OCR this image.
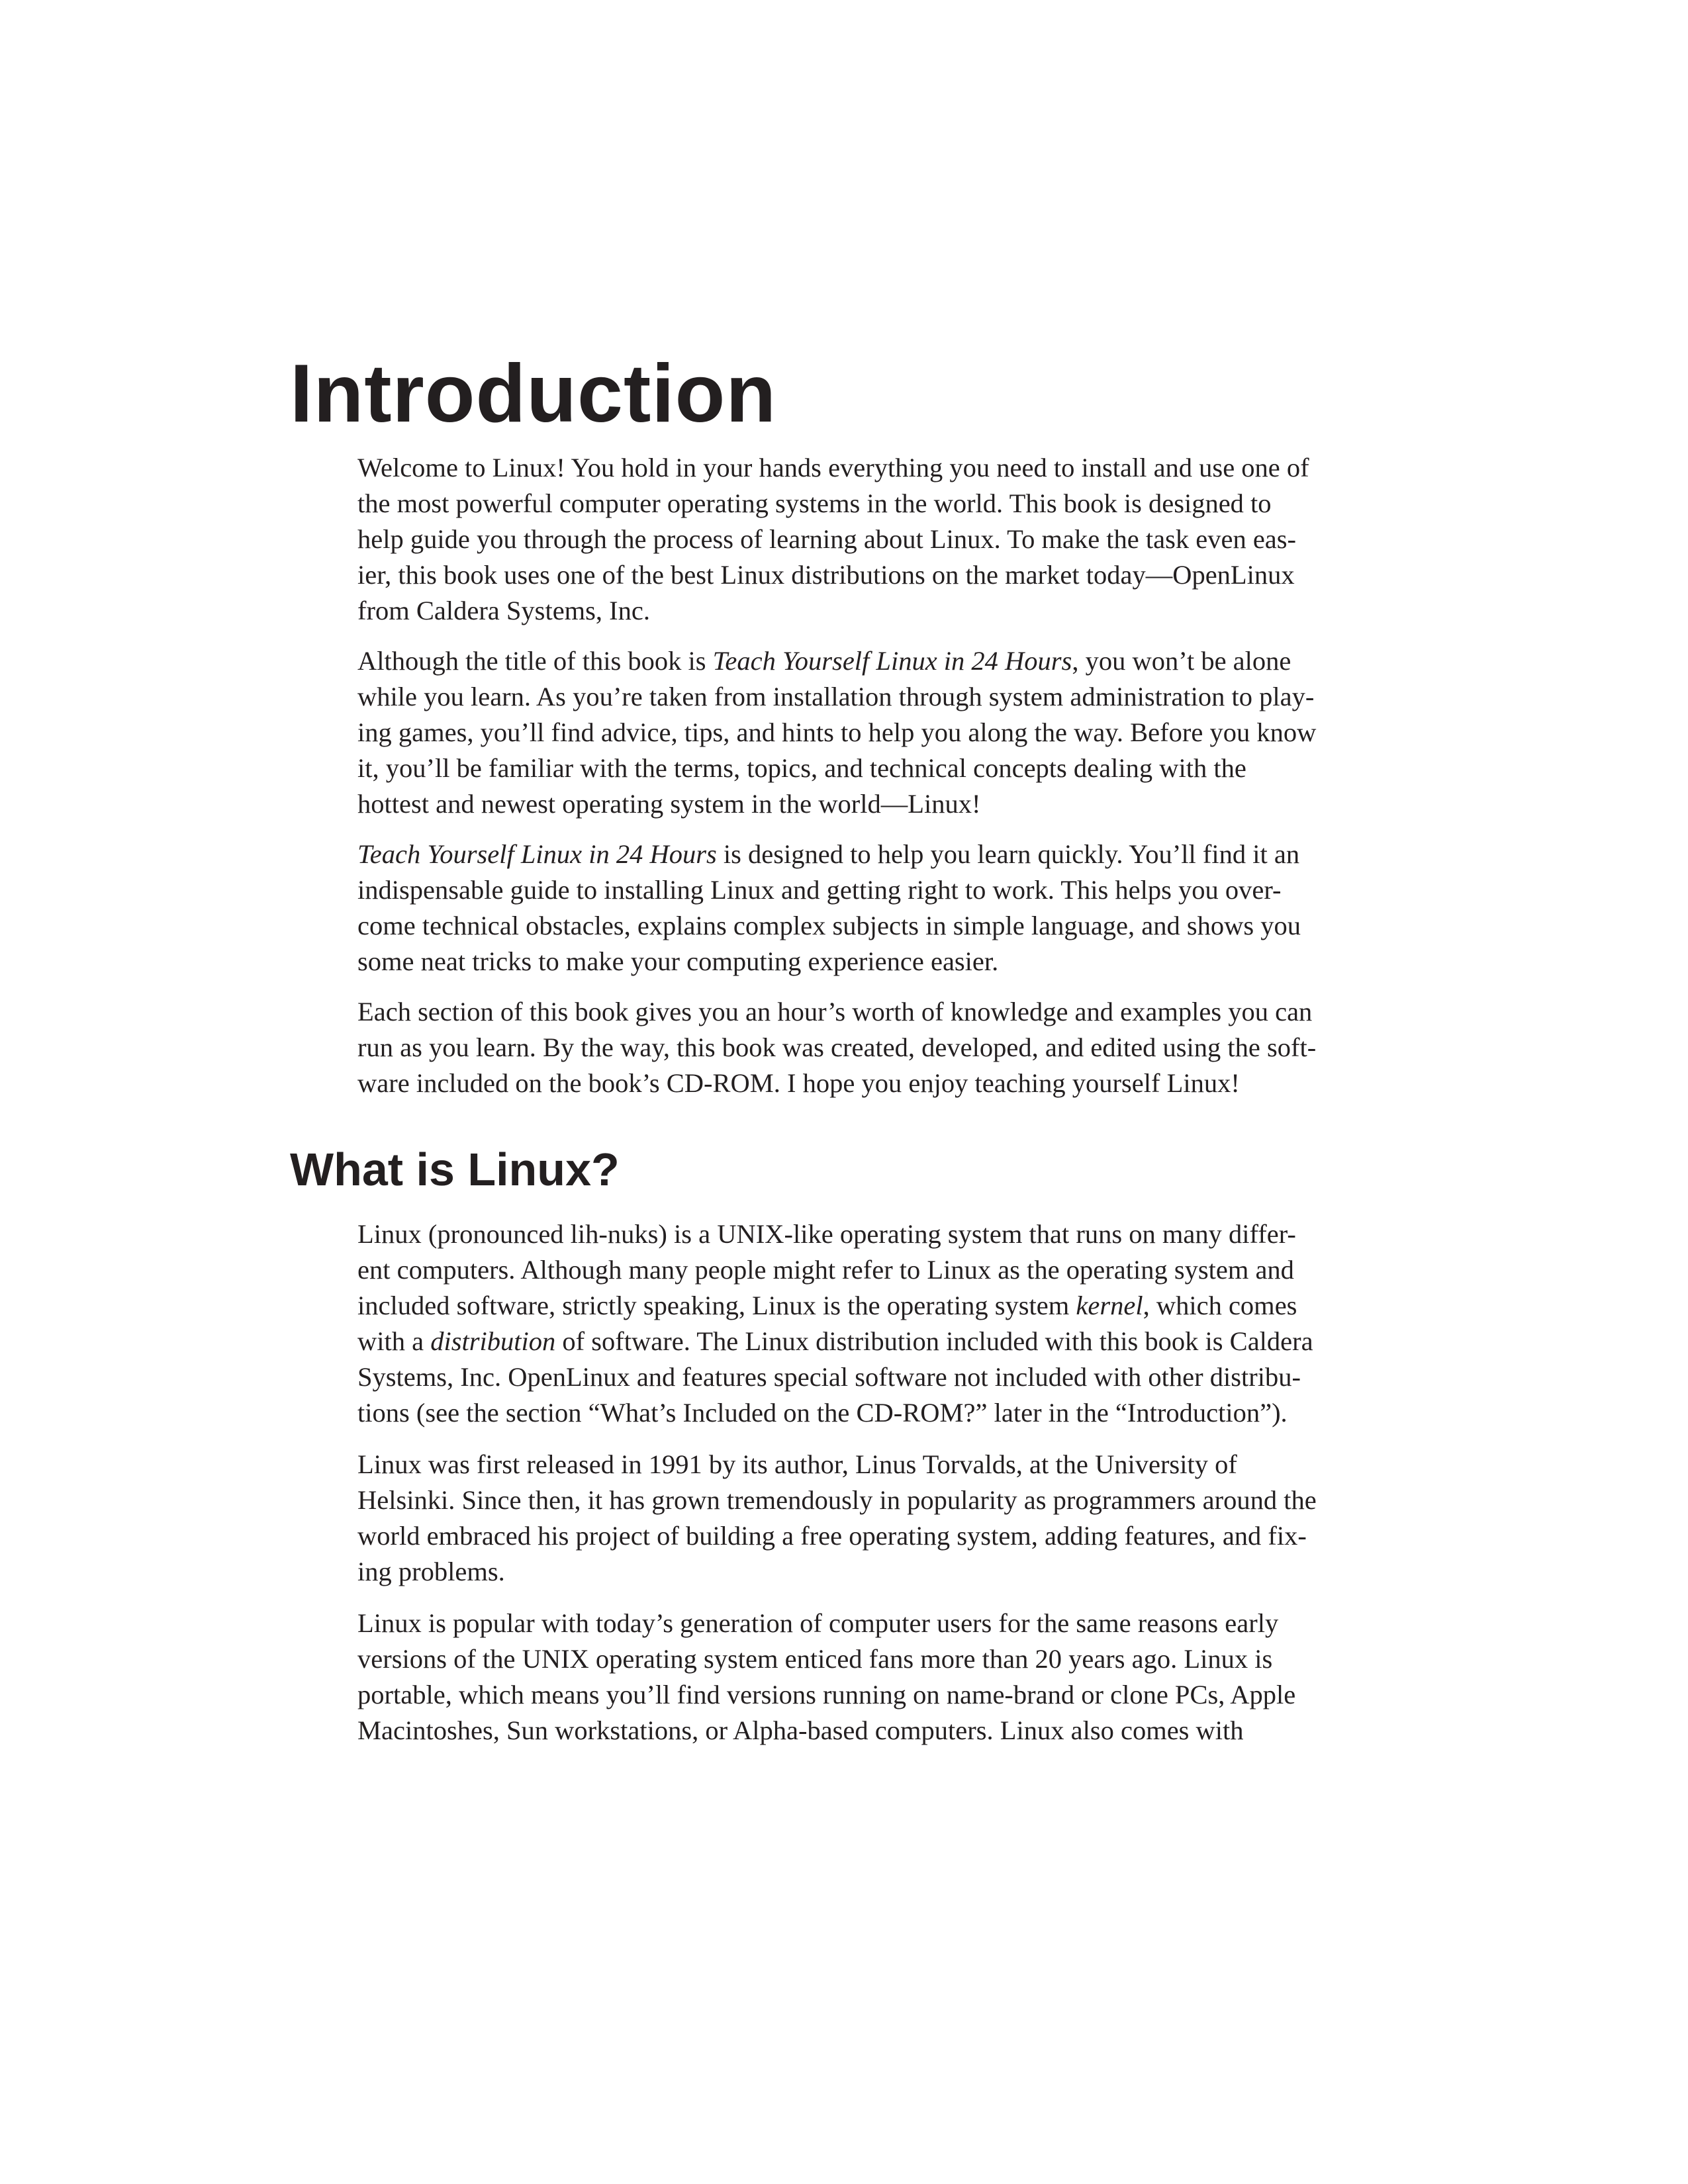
Introduction
Welcome to Linux! You hold in your hands everything you need to install and use one of
the most powerful computer operating systems in the world. This book is designed to
help guide you through the process of learning about Linux. To make the task even eas-
ier, this book uses one of the best Linux distributions on the market today—OpenLinux
from Caldera Systems, Inc.
Although the title of this book is Teach Yourself Linux in 24 Hours, you won’t be alone
while you learn. As you’re taken from installation through system administration to play-
ing games, you’ll find advice, tips, and hints to help you along the way. Before you know
it, you’ll be familiar with the terms, topics, and technical concepts dealing with the
hottest and newest operating system in the world—Linux!
Teach Yourself Linux in 24 Hours is designed to help you learn quickly. You’ll find it an
indispensable guide to installing Linux and getting right to work. This helps you over-
come technical obstacles, explains complex subjects in simple language, and shows you
some neat tricks to make your computing experience easier.
Each section of this book gives you an hour’s worth of knowledge and examples you can
run as you learn. By the way, this book was created, developed, and edited using the soft-
ware included on the book’s CD-ROM. I hope you enjoy teaching yourself Linux!
What is Linux?
Linux (pronounced lih-nuks) is a UNIX-like operating system that runs on many differ-
ent computers. Although many people might refer to Linux as the operating system and
included software, strictly speaking, Linux is the operating system kernel, which comes
with a distribution of software. The Linux distribution included with this book is Caldera
Systems, Inc. OpenLinux and features special software not included with other distribu-
tions (see the section “What’s Included on the CD-ROM?” later in the “Introduction”).
Linux was first released in 1991 by its author, Linus Torvalds, at the University of
Helsinki. Since then, it has grown tremendously in popularity as programmers around the
world embraced his project of building a free operating system, adding features, and fix-
ing problems.
Linux is popular with today’s generation of computer users for the same reasons early
versions of the UNIX operating system enticed fans more than 20 years ago. Linux is
portable, which means you’ll find versions running on name-brand or clone PCs, Apple
Macintoshes, Sun workstations, or Alpha-based computers. Linux also comes with
